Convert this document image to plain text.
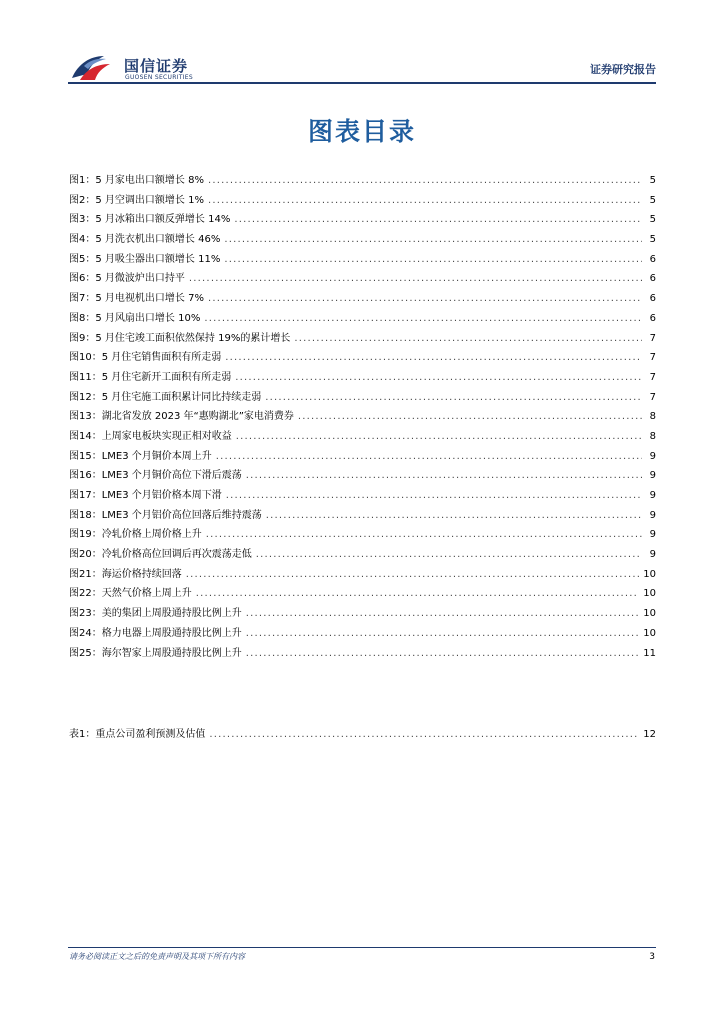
国信证券
GUOSEN SECURITIES
证券研究报告
图表目录
图1： 5 月家电出口额增长 8% .....	5
图2： 5 月空调出口额增长 1% .....	5
图3： 5 月冰箱出口额反弹增长 14% .....	5
图4： 5 月洗衣机出口额增长 46% .....	5
图5： 5 月吸尘器出口额增长 11% .....	6
图6： 5 月微波炉出口持平 .....	6
图7： 5 月电视机出口增长 7% .....	6
图8： 5 月风扇出口增长 10% .....	6
图9： 5 月住宅竣工面积依然保持 19%的累计增长 .....	7
图10： 5 月住宅销售面积有所走弱 .....	7
图11： 5 月住宅新开工面积有所走弱 .....	7
图12： 5 月住宅施工面积累计同比持续走弱 .....	7
图13： 湖北省发放 2023 年“惠购湖北”家电消费券 .....	8
图14： 上周家电板块实现正相对收益 .....	8
图15： LME3 个月铜价本周上升 .....	9
图16： LME3 个月铜价高位下滑后震荡 .....	9
图17： LME3 个月铝价格本周下滑 .....	9
图18： LME3 个月铝价高位回落后维持震荡 .....	9
图19： 冷轧价格上周价格上升 .....	9
图20： 冷轧价格高位回调后再次震荡走低 .....	9
图21： 海运价格持续回落 .....	10
图22： 天然气价格上周上升 .....	10
图23： 美的集团上周股通持股比例上升 .....	10
图24： 格力电器上周股通持股比例上升 .....	10
图25： 海尔智家上周股通持股比例上升 .....	11
表1： 重点公司盈利预测及估值 .....	12
请务必阅读正文之后的免责声明及其项下所有内容	3
